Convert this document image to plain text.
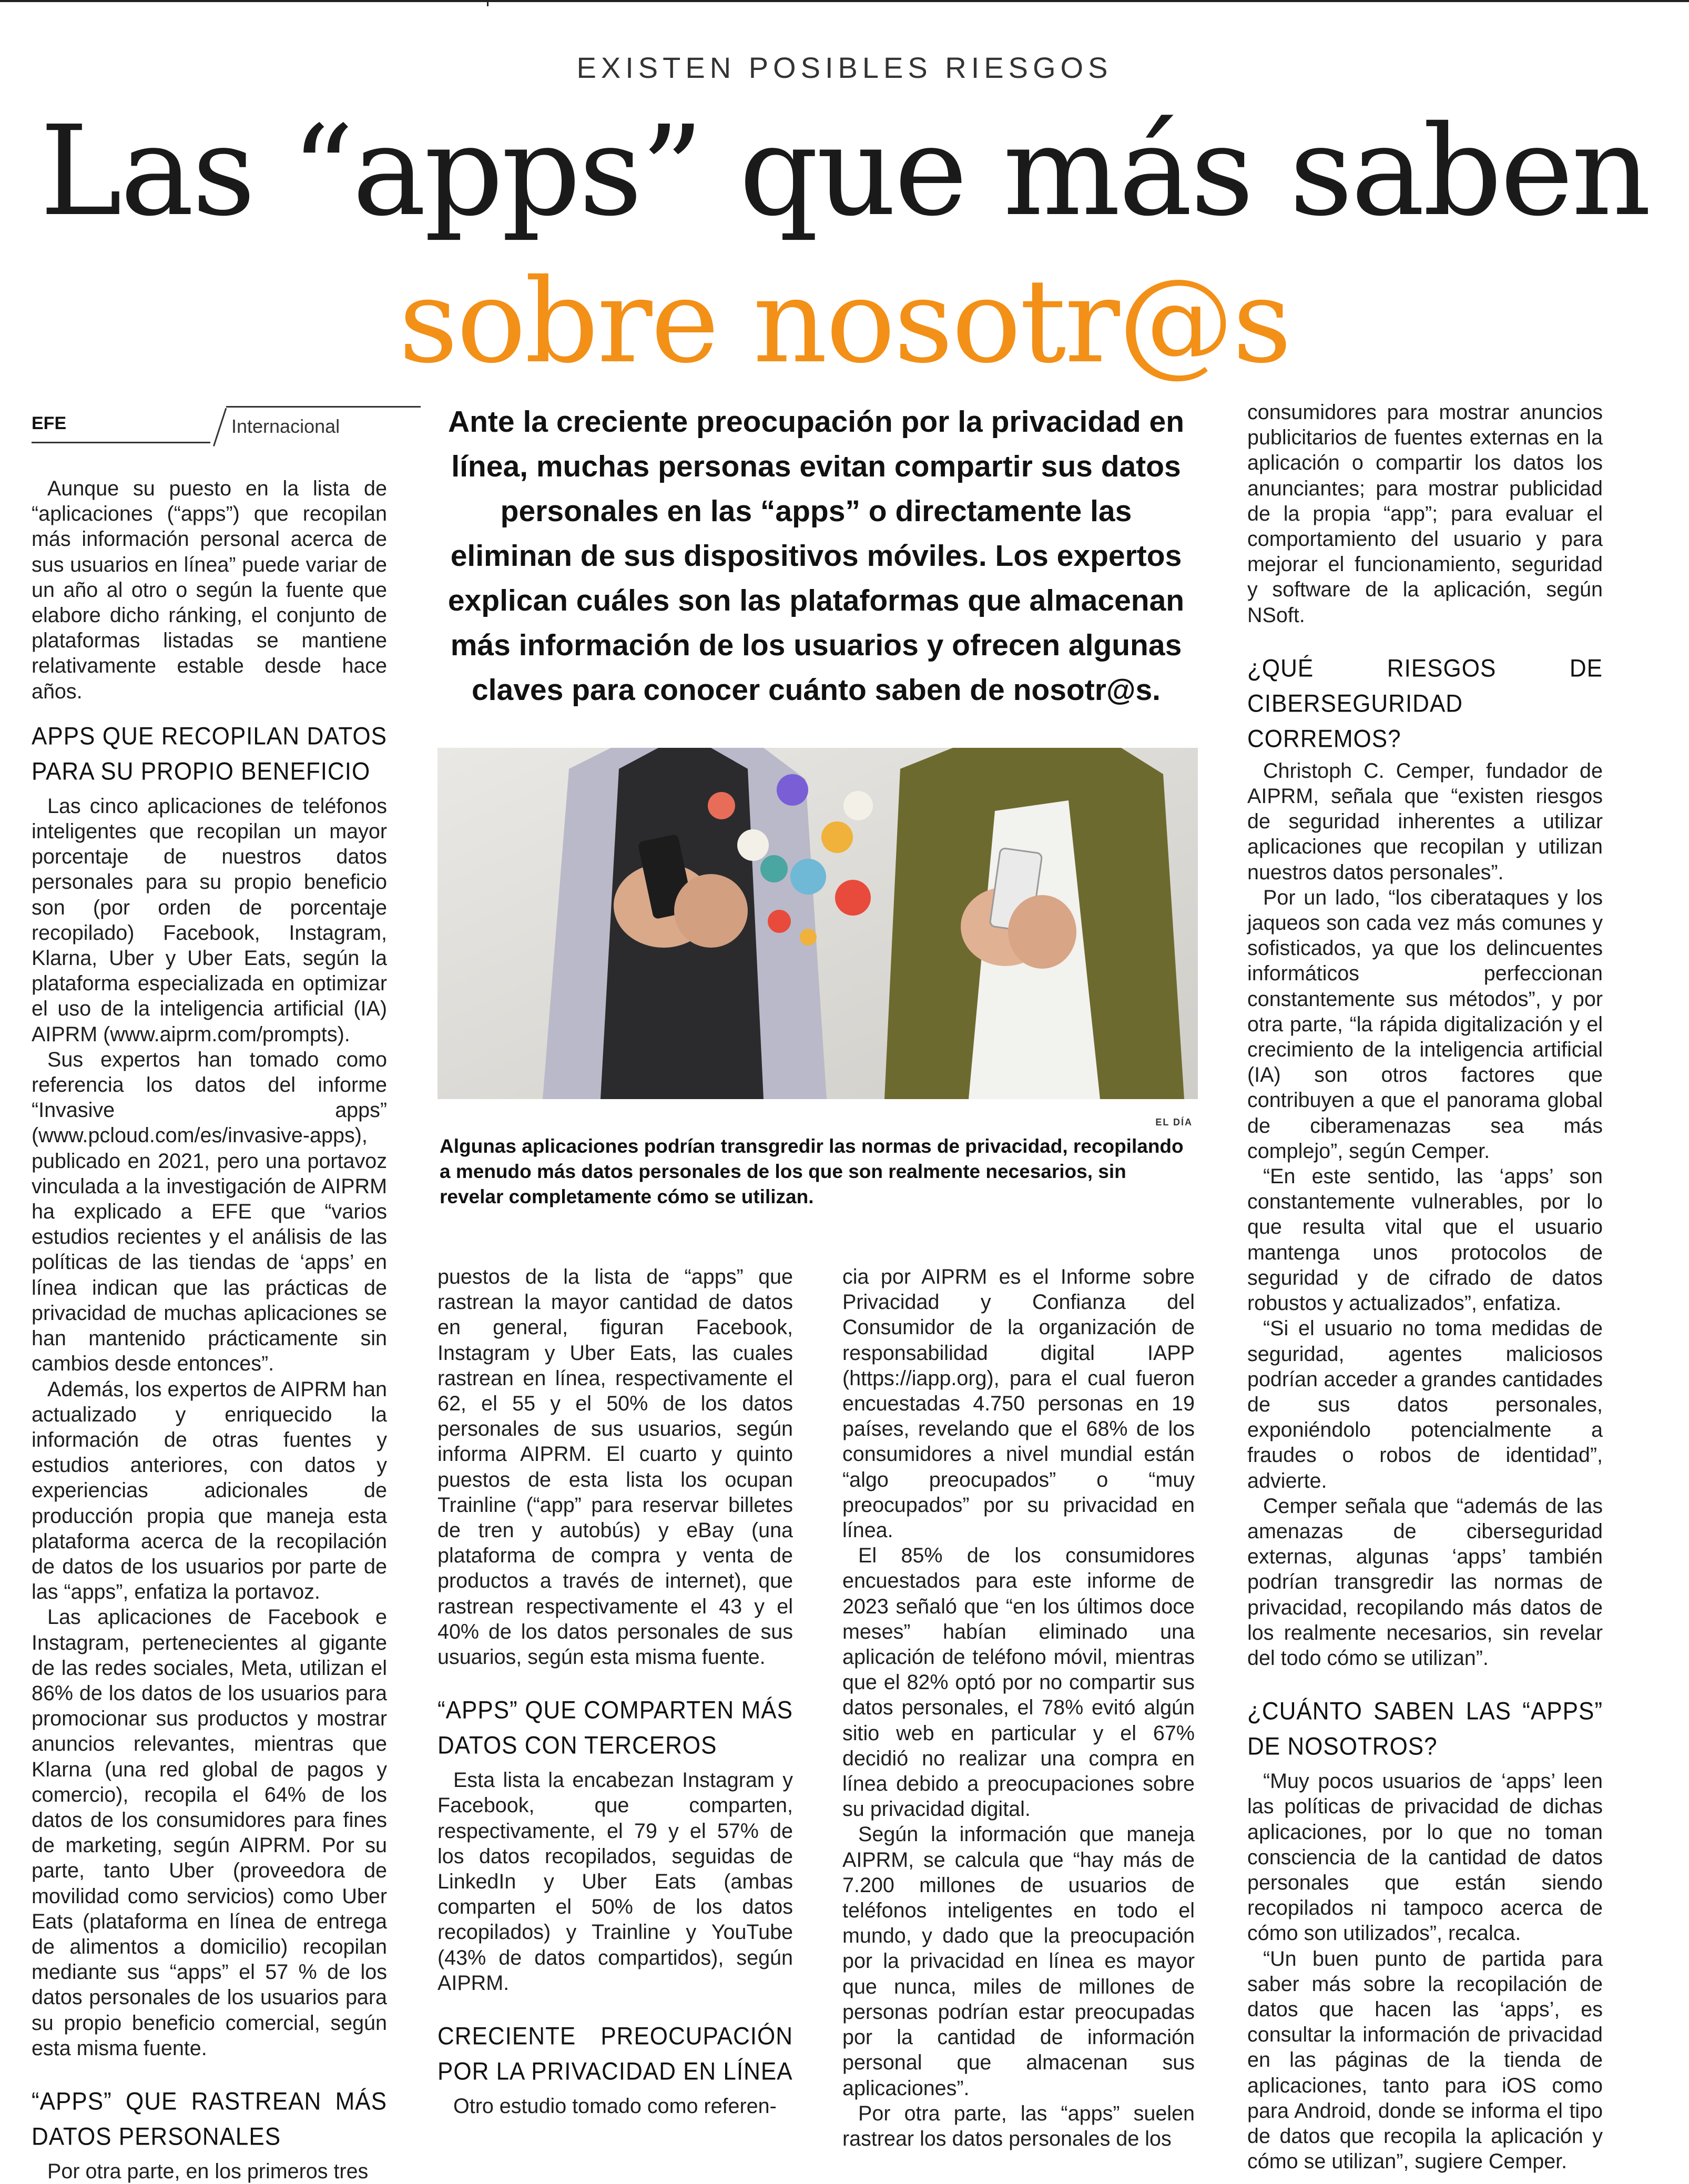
EXISTEN POSIBLES RIESGOS
Las “apps” que más saben
sobre nosotr@s
EFE	Internacional

Aunque su puesto en la lista de “aplicaciones (“apps”) que recopilan más información personal acerca de sus usuarios en línea” puede variar de un año al otro o según la fuente que elabore dicho ránking, el conjunto de plataformas listadas se mantiene relativamente estable desde hace años.

APPS QUE RECOPILAN DATOS PARA SU PROPIO BENEFICIO

Las cinco aplicaciones de teléfonos inteligentes que recopilan un mayor porcentaje de nuestros datos personales para su propio beneficio son (por orden de porcentaje recopilado) Facebook, Instagram, Klarna, Uber y Uber Eats, según la plataforma especializada en optimizar el uso de la inteligencia artificial (IA) AIPRM (www.aiprm.com/prompts).

Sus expertos han tomado como referencia los datos del informe “Invasive apps” (www.pcloud.com/es/invasive-apps), publicado en 2021, pero una portavoz vinculada a la investigación de AIPRM ha explicado a EFE que “varios estudios recientes y el análisis de las políticas de las tiendas de ‘apps’ en línea indican que las prácticas de privacidad de muchas aplicaciones se han mantenido prácticamente sin cambios desde entonces”.

Además, los expertos de AIPRM han actualizado y enriquecido la información de otras fuentes y estudios anteriores, con datos y experiencias adicionales de producción propia que maneja esta plataforma acerca de la recopilación de datos de los usuarios por parte de las “apps”, enfatiza la portavoz.

Las aplicaciones de Facebook e Instagram, pertenecientes al gigante de las redes sociales, Meta, utilizan el 86% de los datos de los usuarios para promocionar sus productos y mostrar anuncios relevantes, mientras que Klarna (una red global de pagos y comercio), recopila el 64% de los datos de los consumidores para fines de marketing, según AIPRM. Por su parte, tanto Uber (proveedora de movilidad como servicios) como Uber Eats (plataforma en línea de entrega de alimentos a domicilio) recopilan mediante sus “apps” el 57 % de los datos personales de los usuarios para su propio beneficio comercial, según esta misma fuente.

“APPS” QUE RASTREAN MÁS DATOS PERSONALES

Por otra parte, en los primeros tres

Ante la creciente preocupación por la privacidad en línea, muchas personas evitan compartir sus datos personales en las “apps” o directamente las eliminan de sus dispositivos móviles. Los expertos explican cuáles son las plataformas que almacenan más información de los usuarios y ofrecen algunas claves para conocer cuánto saben de nosotr@s.
EL DÍA
Algunas aplicaciones podrían transgredir las normas de privacidad, recopilando a menudo más datos personales de los que son realmente necesarios, sin revelar completamente cómo se utilizan.

puestos de la lista de “apps” que rastrean la mayor cantidad de datos en general, figuran Facebook, Instagram y Uber Eats, las cuales rastrean en línea, respectivamente el 62, el 55 y el 50% de los datos personales de sus usuarios, según informa AIPRM. El cuarto y quinto puestos de esta lista los ocupan Trainline (“app” para reservar billetes de tren y autobús) y eBay (una plataforma de compra y venta de productos a través de internet), que rastrean respectivamente el 43 y el 40% de los datos personales de sus usuarios, según esta misma fuente.

“APPS” QUE COMPARTEN MÁS DATOS CON TERCEROS

Esta lista la encabezan Instagram y Facebook, que comparten, respectivamente, el 79 y el 57% de los datos recopilados, seguidas de LinkedIn y Uber Eats (ambas comparten el 50% de los datos recopilados) y Trainline y YouTube (43% de datos compartidos), según AIPRM.

CRECIENTE PREOCUPACIÓN POR LA PRIVACIDAD EN LÍNEA

Otro estudio tomado como referen-

cia por AIPRM es el Informe sobre Privacidad y Confianza del Consumidor de la organización de responsabilidad digital IAPP (https://iapp.org), para el cual fueron encuestadas 4.750 personas en 19 países, revelando que el 68% de los consumidores a nivel mundial están “algo preocupados” o “muy preocupados” por su privacidad en línea.

El 85% de los consumidores encuestados para este informe de 2023 señaló que “en los últimos doce meses” habían eliminado una aplicación de teléfono móvil, mientras que el 82% optó por no compartir sus datos personales, el 78% evitó algún sitio web en particular y el 67% decidió no realizar una compra en línea debido a preocupaciones sobre su privacidad digital.

Según la información que maneja AIPRM, se calcula que “hay más de 7.200 millones de usuarios de teléfonos inteligentes en todo el mundo, y dado que la preocupación por la privacidad en línea es mayor que nunca, miles de millones de personas podrían estar preocupadas por la cantidad de información personal que almacenan sus aplicaciones”.

Por otra parte, las “apps” suelen rastrear los datos personales de los

consumidores para mostrar anuncios publicitarios de fuentes externas en la aplicación o compartir los datos los anunciantes; para mostrar publicidad de la propia “app”; para evaluar el comportamiento del usuario y para mejorar el funcionamiento, seguridad y software de la aplicación, según NSoft.

¿QUÉ RIESGOS DE CIBERSEGURIDAD CORREMOS?

Christoph C. Cemper, fundador de AIPRM, señala que “existen riesgos de seguridad inherentes a utilizar aplicaciones que recopilan y utilizan nuestros datos personales”.

Por un lado, “los ciberataques y los jaqueos son cada vez más comunes y sofisticados, ya que los delincuentes informáticos perfeccionan constantemente sus métodos”, y por otra parte, “la rápida digitalización y el crecimiento de la inteligencia artificial (IA) son otros factores que contribuyen a que el panorama global de ciberamenazas sea más complejo”, según Cemper.

“En este sentido, las ‘apps’ son constantemente vulnerables, por lo que resulta vital que el usuario mantenga unos protocolos de seguridad y de cifrado de datos robustos y actualizados”, enfatiza.

“Si el usuario no toma medidas de seguridad, agentes maliciosos podrían acceder a grandes cantidades de sus datos personales, exponiéndolo potencialmente a fraudes o robos de identidad”, advierte.

Cemper señala que “además de las amenazas de ciberseguridad externas, algunas ‘apps’ también podrían transgredir las normas de privacidad, recopilando más datos de los realmente necesarios, sin revelar del todo cómo se utilizan”.

¿CUÁNTO SABEN LAS “APPS” DE NOSOTROS?

“Muy pocos usuarios de ‘apps’ leen las políticas de privacidad de dichas aplicaciones, por lo que no toman consciencia de la cantidad de datos personales que están siendo recopilados ni tampoco acerca de cómo son utilizados”, recalca.

“Un buen punto de partida para saber más sobre la recopilación de datos que hacen las ‘apps’, es consultar la información de privacidad en las páginas de la tienda de aplicaciones, tanto para iOS como para Android, donde se informa el tipo de datos que recopila la aplicación y cómo se utilizan”, sugiere Cemper.
